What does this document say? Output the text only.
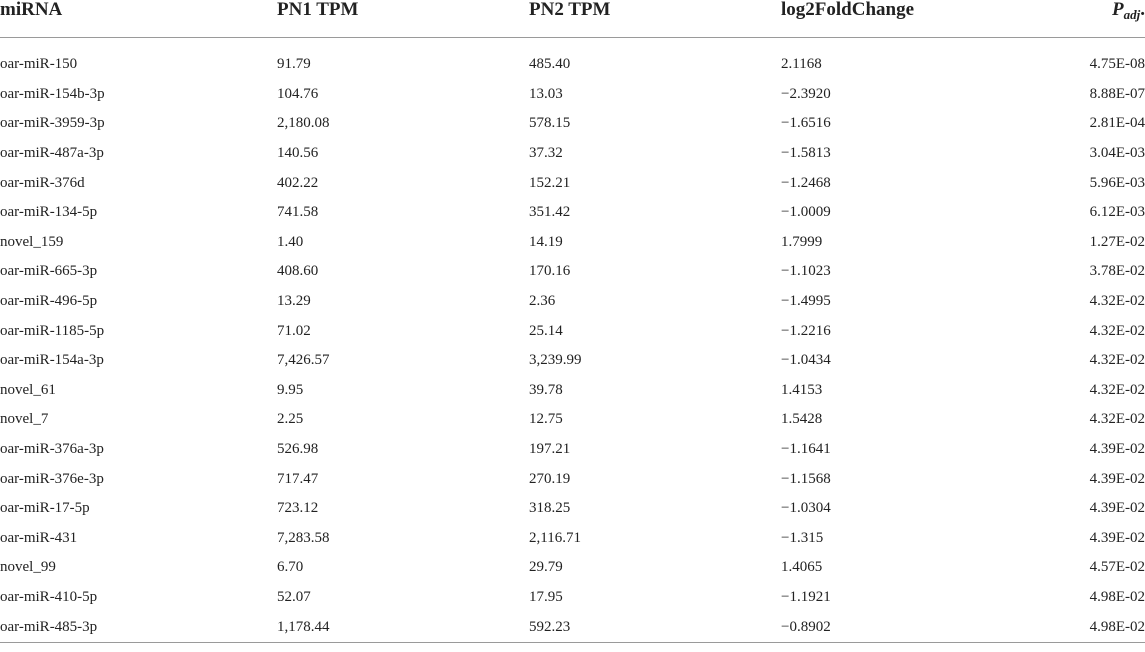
miRNA	PN1 TPM	PN2 TPM	log2FoldChange	$P_{adj}$.

oar-miR-150	91.79	485.40	2.1168	4.75E-08
oar-miR-154b-3p	104.76	13.03	−2.3920	8.88E-07
oar-miR-3959-3p	2,180.08	578.15	−1.6516	2.81E-04
oar-miR-487a-3p	140.56	37.32	−1.5813	3.04E-03
oar-miR-376d	402.22	152.21	−1.2468	5.96E-03
oar-miR-134-5p	741.58	351.42	−1.0009	6.12E-03
novel_159	1.40	14.19	1.7999	1.27E-02
oar-miR-665-3p	408.60	170.16	−1.1023	3.78E-02
oar-miR-496-5p	13.29	2.36	−1.4995	4.32E-02
oar-miR-1185-5p	71.02	25.14	−1.2216	4.32E-02
oar-miR-154a-3p	7,426.57	3,239.99	−1.0434	4.32E-02
novel_61	9.95	39.78	1.4153	4.32E-02
novel_7	2.25	12.75	1.5428	4.32E-02
oar-miR-376a-3p	526.98	197.21	−1.1641	4.39E-02
oar-miR-376e-3p	717.47	270.19	−1.1568	4.39E-02
oar-miR-17-5p	723.12	318.25	−1.0304	4.39E-02
oar-miR-431	7,283.58	2,116.71	−1.315	4.39E-02
novel_99	6.70	29.79	1.4065	4.57E-02
oar-miR-410-5p	52.07	17.95	−1.1921	4.98E-02
oar-miR-485-3p	1,178.44	592.23	−0.8902	4.98E-02
